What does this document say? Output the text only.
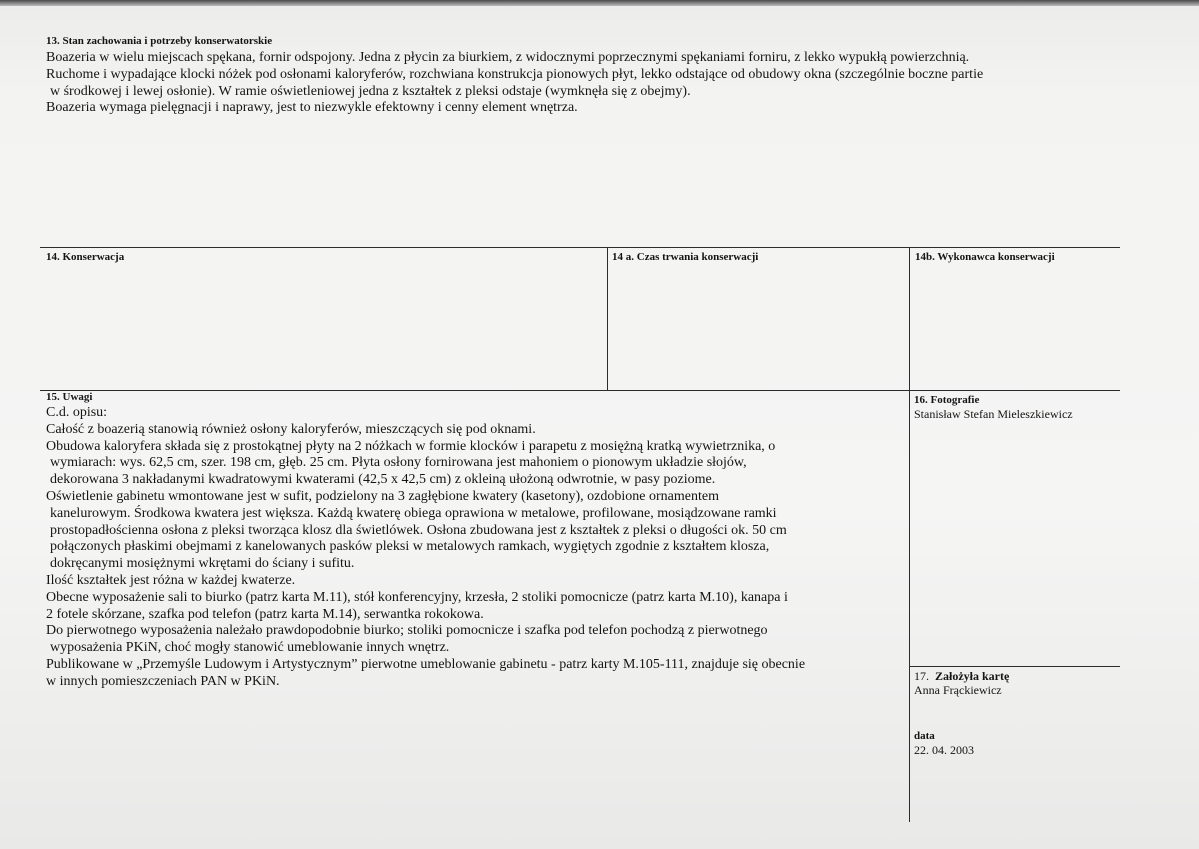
13. Stan zachowania i potrzeby konserwatorskie
Boazeria w wielu miejscach spękana, fornir odspojony. Jedna z płycin za biurkiem, z widocznymi poprzecznymi spękaniami forniru, z lekko wypukłą powierzchnią.
Ruchome i wypadające klocki nóżek pod osłonami kaloryferów, rozchwiana konstrukcja pionowych płyt, lekko odstające od obudowy okna (szczególnie boczne partie
w środkowej i lewej osłonie). W ramie oświetleniowej jedna z kształtek z pleksi odstaje (wymknęła się z obejmy).
Boazeria wymaga pielęgnacji i naprawy, jest to niezwykle efektowny i cenny element wnętrza.
14. Konserwacja	14 a. Czas trwania konserwacji	14b. Wykonawca konserwacji
15. Uwagi
C.d. opisu:
Całość z boazerią stanowią również osłony kaloryferów, mieszczących się pod oknami.
Obudowa kaloryfera składa się z prostokątnej płyty na 2 nóżkach w formie klocków i parapetu z mosiężną kratką wywietrznika, o
wymiarach: wys. 62,5 cm, szer. 198 cm, głęb. 25 cm. Płyta osłony fornirowana jest mahoniem o pionowym układzie słojów,
dekorowana 3 nakładanymi kwadratowymi kwaterami (42,5 x 42,5 cm) z okleiną ułożoną odwrotnie, w pasy poziome.
Oświetlenie gabinetu wmontowane jest w sufit, podzielony na 3 zagłębione kwatery (kasetony), ozdobione ornamentem
kanelurowym. Środkowa kwatera jest większa. Każdą kwaterę obiega oprawiona w metalowe, profilowane, mosiądzowane ramki
prostopadłościenna osłona z pleksi tworząca klosz dla świetlówek. Osłona zbudowana jest z kształtek z pleksi o długości ok. 50 cm
połączonych płaskimi obejmami z kanelowanych pasków pleksi w metalowych ramkach, wygiętych zgodnie z kształtem klosza,
dokręcanymi mosiężnymi wkrętami do ściany i sufitu.
Ilość kształtek jest różna w każdej kwaterze.
Obecne wyposażenie sali to biurko (patrz karta M.11), stół konferencyjny, krzesła, 2 stoliki pomocnicze (patrz karta M.10), kanapa i
2 fotele skórzane, szafka pod telefon (patrz karta M.14), serwantka rokokowa.
Do pierwotnego wyposażenia należało prawdopodobnie biurko; stoliki pomocnicze i szafka pod telefon pochodzą z pierwotnego
wyposażenia PKiN, choć mogły stanowić umeblowanie innych wnętrz.
Publikowane w „Przemyśle Ludowym i Artystycznym” pierwotne umeblowanie gabinetu - patrz karty M.105-111, znajduje się obecnie
w innych pomieszczeniach PAN w PKiN.
16. Fotografie
Stanisław Stefan Mieleszkiewicz
17. Założyła kartę
Anna Frąckiewicz
data
22. 04. 2003
